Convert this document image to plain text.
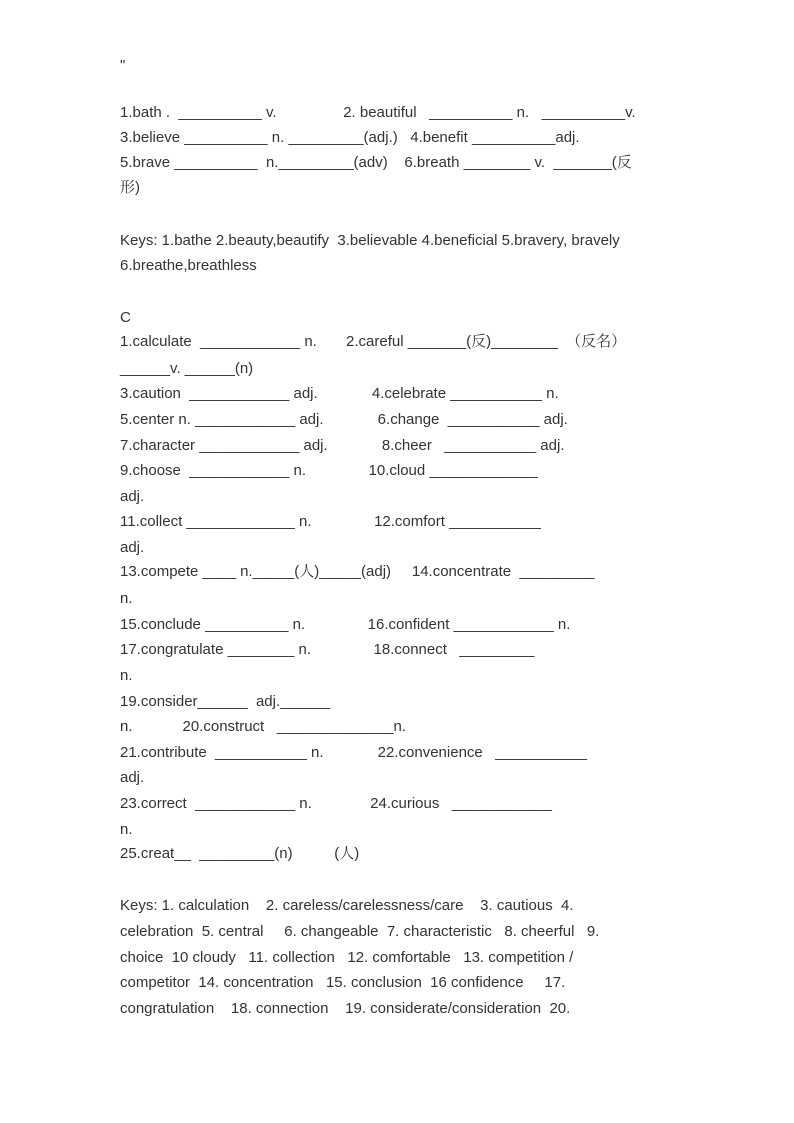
"
1.bath .  __________ v.                2. beautiful   __________ n.   __________v.
3.believe __________ n. _________(adj.)   4.benefit __________adj.
5.brave __________  n._________(adv)    6.breath ________ v.  _______(反
形)
Keys: 1.bathe 2.beauty,beautify  3.believable 4.beneficial 5.bravery, bravely
6.breathe,breathless
C
1.calculate  ____________ n.       2.careful _______(反)________  （反名）
______v. ______(n)
3.caution  ____________ adj.             4.celebrate ___________ n.
5.center n. ____________ adj.             6.change  ___________ adj.
7.character ____________ adj.             8.cheer   ___________ adj.
9.choose  ____________ n.               10.cloud _____________
adj.
11.collect _____________ n.               12.comfort ___________
adj.
13.compete ____ n._____(人)_____(adj)     14.concentrate  _________
n.
15.conclude __________ n.               16.confident ____________ n.
17.congratulate ________ n.               18.connect   _________
n.
19.consider______  adj.______
n.            20.construct   ______________n.
21.contribute  ___________ n.             22.convenience   ___________
adj.
23.correct  ____________ n.              24.curious   ____________
n.
25.creat__  _________(n)          (人)
Keys: 1. calculation    2. careless/carelessness/care    3. cautious  4.
celebration  5. central     6. changeable  7. characteristic   8. cheerful   9.
choice  10 cloudy   11. collection   12. comfortable   13. competition /
competitor  14. concentration   15. conclusion  16 confidence     17.
congratulation    18. connection    19. considerate/consideration  20.
